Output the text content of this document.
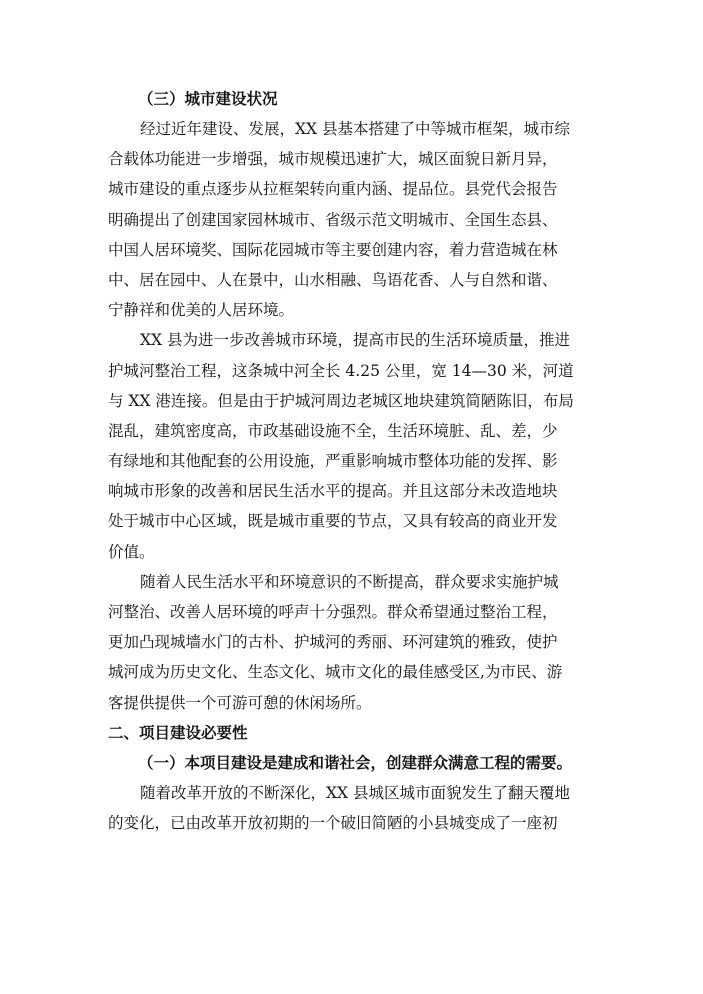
（三）城市建设状况
经过近年建设、发展，XX 县基本搭建了中等城市框架，城市综
合载体功能进一步增强，城市规模迅速扩大，城区面貌日新月异，
城市建设的重点逐步从拉框架转向重内涵、提品位。县党代会报告
明确提出了创建国家园林城市、省级示范文明城市、全国生态县、
中国人居环境奖、国际花园城市等主要创建内容，着力营造城在林
中、居在园中、人在景中，山水相融、鸟语花香、人与自然和谐、
宁静祥和优美的人居环境。
XX 县为进一步改善城市环境，提高市民的生活环境质量，推进
护城河整治工程，这条城中河全长 4.25 公里，宽 14—30 米，河道
与 XX 港连接。但是由于护城河周边老城区地块建筑简陋陈旧，布局
混乱，建筑密度高，市政基础设施不全，生活环境脏、乱、差，少
有绿地和其他配套的公用设施，严重影响城市整体功能的发挥、影
响城市形象的改善和居民生活水平的提高。并且这部分未改造地块
处于城市中心区域，既是城市重要的节点，又具有较高的商业开发
价值。
随着人民生活水平和环境意识的不断提高，群众要求实施护城
河整治、改善人居环境的呼声十分强烈。群众希望通过整治工程，
更加凸现城墙水门的古朴、护城河的秀丽、环河建筑的雅致，使护
城河成为历史文化、生态文化、城市文化的最佳感受区,为市民、游
客提供提供一个可游可憩的休闲场所。
二、项目建设必要性
（一）本项目建设是建成和谐社会，创建群众满意工程的需要。
随着改革开放的不断深化，XX 县城区城市面貌发生了翻天覆地
的变化，已由改革开放初期的一个破旧简陋的小县城变成了一座初
